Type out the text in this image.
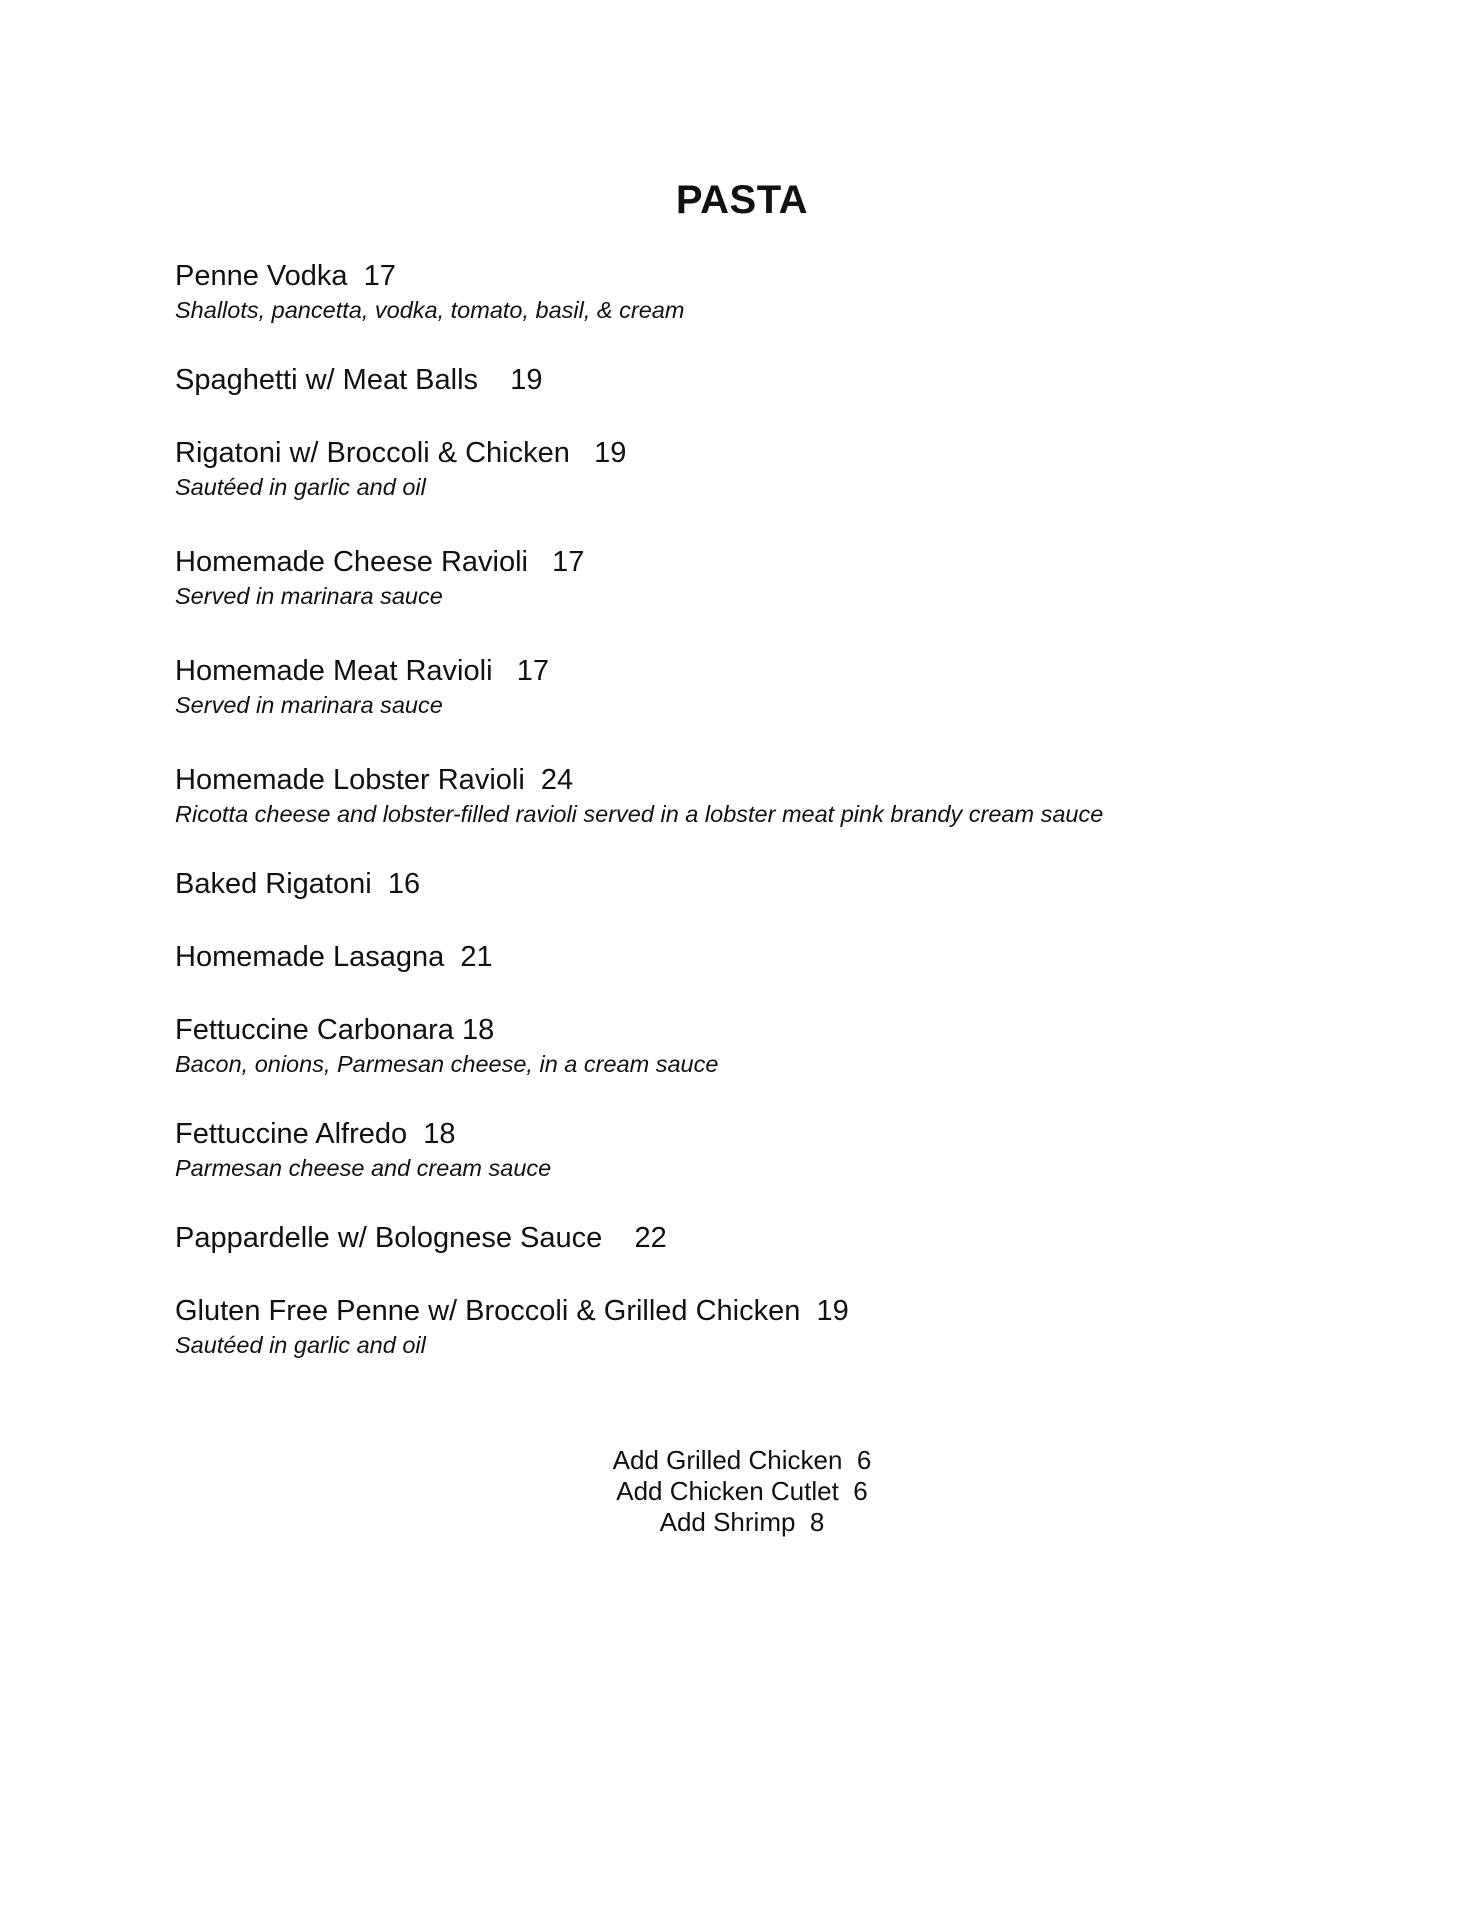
PASTA
Penne Vodka 17
Shallots, pancetta, vodka, tomato, basil, & cream
Spaghetti w/ Meat Balls 19
Rigatoni w/ Broccoli & Chicken 19
Sautéed in garlic and oil
Homemade Cheese Ravioli 17
Served in marinara sauce
Homemade Meat Ravioli 17
Served in marinara sauce
Homemade Lobster Ravioli 24
Ricotta cheese and lobster-filled ravioli served in a lobster meat pink brandy cream sauce
Baked Rigatoni 16
Homemade Lasagna 21
Fettuccine Carbonara 18
Bacon, onions, Parmesan cheese, in a cream sauce
Fettuccine Alfredo 18
Parmesan cheese and cream sauce
Pappardelle w/ Bolognese Sauce 22
Gluten Free Penne w/ Broccoli & Grilled Chicken 19
Sautéed in garlic and oil
Add Grilled Chicken 6
Add Chicken Cutlet 6
Add Shrimp 8
